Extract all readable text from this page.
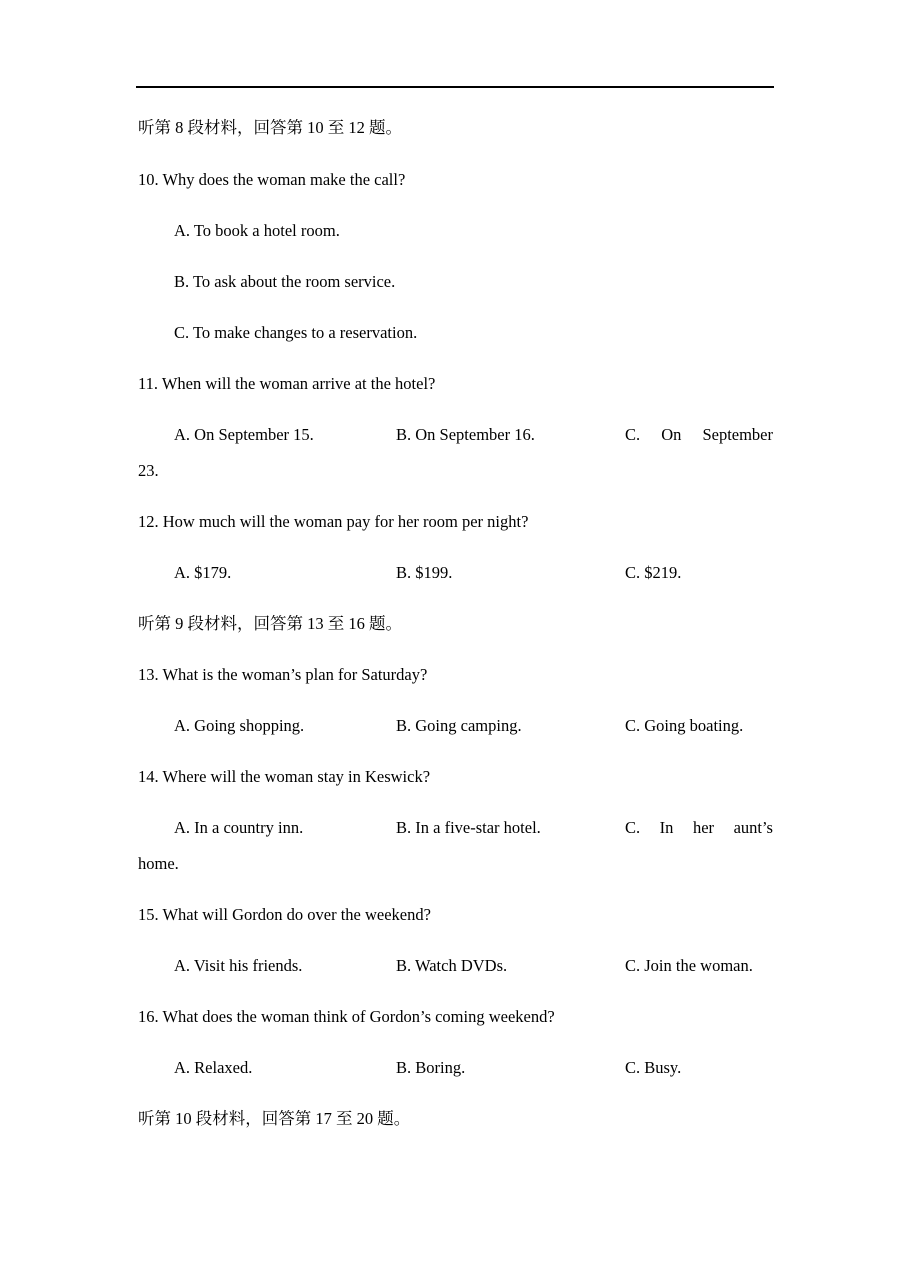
听第 8 段材料，回答第 10 至 12 题。
10. Why does the woman make the call?
A. To book a hotel room.
B. To ask about the room service.
C. To make changes to a reservation.
11. When will the woman arrive at the hotel?
A. On September 15.	B. On September 16.	C. On September
23.
12. How much will the woman pay for her room per night?
A. $179.	B. $199.	C. $219.
听第 9 段材料，回答第 13 至 16 题。
13. What is the woman’s plan for Saturday?
A. Going shopping.	B. Going camping.	C. Going boating.
14. Where will the woman stay in Keswick?
A. In a country inn.	B. In a five-star hotel.	C. In her aunt’s
home.
15. What will Gordon do over the weekend?
A. Visit his friends.	B. Watch DVDs.	C. Join the woman.
16. What does the woman think of Gordon’s coming weekend?
A. Relaxed.	B. Boring.	C. Busy.
听第 10 段材料，回答第 17 至 20 题。
